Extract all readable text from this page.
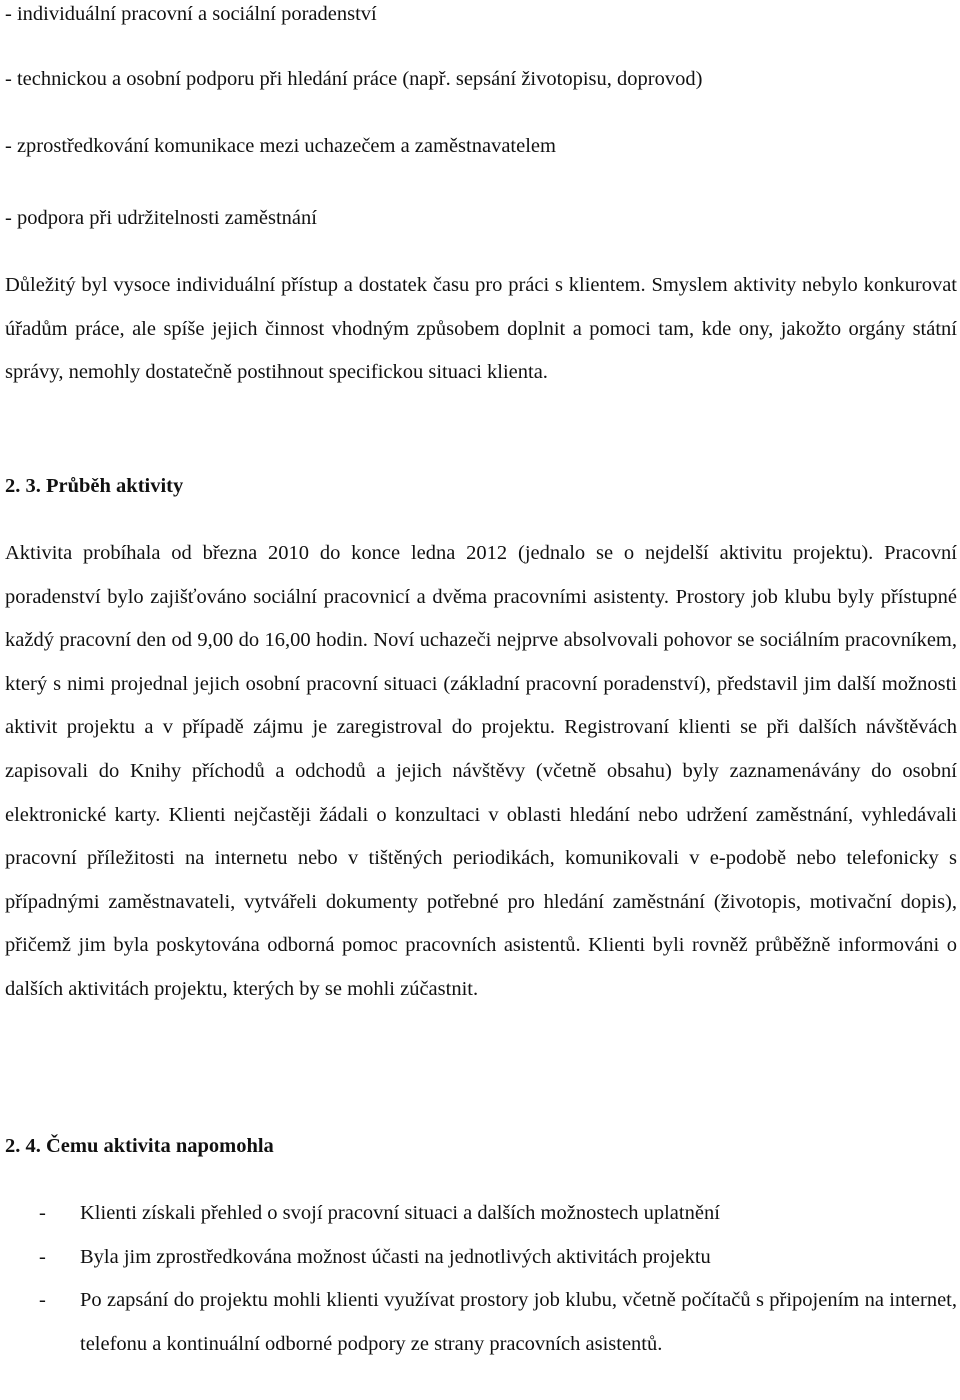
- individuální pracovní a sociální poradenství

- technickou a osobní podporu při hledání práce (např. sepsání životopisu, doprovod)

- zprostředkování komunikace mezi uchazečem a zaměstnavatelem

- podpora při udržitelnosti zaměstnání

Důležitý byl vysoce individuální přístup a dostatek času pro práci s klientem. Smyslem aktivity nebylo konkurovat úřadům práce, ale spíše jejich činnost vhodným způsobem doplnit a pomoci tam, kde ony, jakožto orgány státní správy, nemohly dostatečně postihnout specifickou situaci klienta.

2. 3. Průběh aktivity

Aktivita probíhala od března 2010 do konce ledna 2012 (jednalo se o nejdelší aktivitu projektu). Pracovní poradenství bylo zajišťováno sociální pracovnicí a dvěma pracovními asistenty. Prostory job klubu byly přístupné každý pracovní den od 9,00 do 16,00 hodin. Noví uchazeči nejprve absolvovali pohovor se sociálním pracovníkem, který s nimi projednal jejich osobní pracovní situaci (základní pracovní poradenství), představil jim další možnosti aktivit projektu a v případě zájmu je zaregistroval do projektu. Registrovaní klienti se při dalších návštěvách zapisovali do Knihy příchodů a odchodů a jejich návštěvy (včetně obsahu) byly zaznamenávány do osobní elektronické karty. Klienti nejčastěji žádali o konzultaci v oblasti hledání nebo udržení zaměstnání, vyhledávali pracovní příležitosti na internetu nebo v tištěných periodikách, komunikovali v e-podobě nebo telefonicky s případnými zaměstnavateli, vytvářeli dokumenty potřebné pro hledání zaměstnání (životopis, motivační dopis), přičemž jim byla poskytována odborná pomoc pracovních asistentů. Klienti byli rovněž průběžně informováni o dalších aktivitách projektu, kterých by se mohli zúčastnit.

2. 4. Čemu aktivita napomohla

- Klienti získali přehled o svojí pracovní situaci a dalších možnostech uplatnění
- Byla jim zprostředkována možnost účasti na jednotlivých aktivitách projektu
- Po zapsání do projektu mohli klienti využívat prostory job klubu, včetně počítačů s připojením na internet, telefonu a kontinuální odborné podpory ze strany pracovních asistentů.
